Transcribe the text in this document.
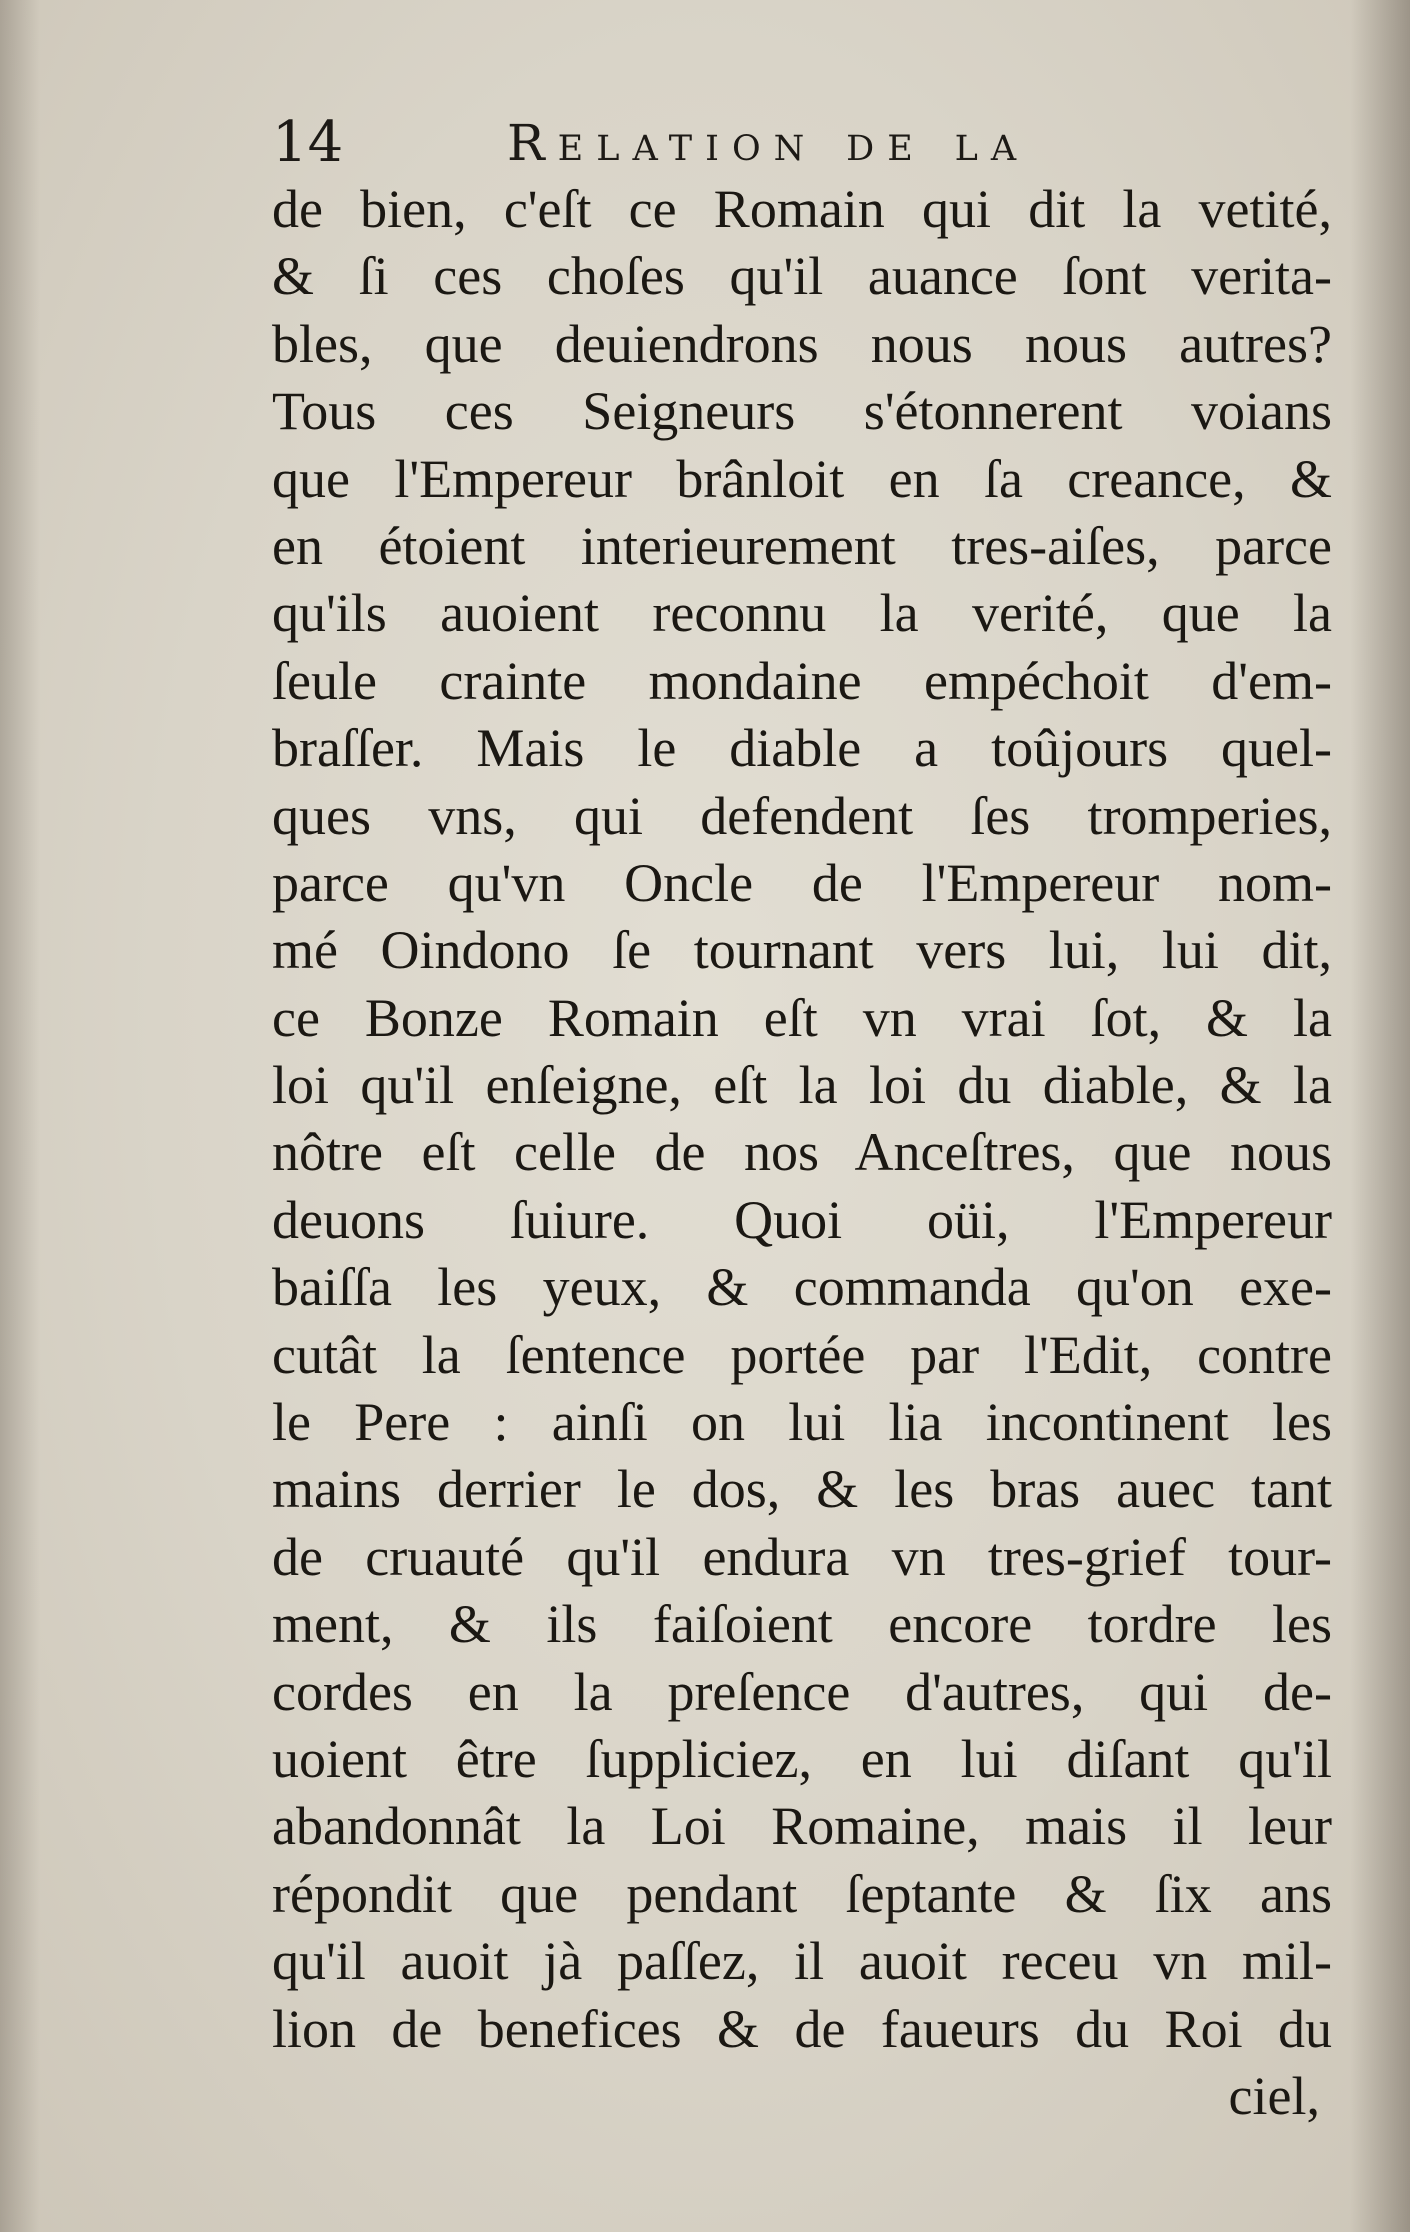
14	Relation de la
de bien, c'eſt ce Romain qui dit la vetité,
& ſi ces choſes qu'il auance ſont verita-
bles, que deuiendrons nous nous autres?
Tous ces Seigneurs s'étonnerent voians
que l'Empereur brânloit en ſa creance, &
en étoient interieurement tres-aiſes, parce
qu'ils auoient reconnu la verité, que la
ſeule crainte mondaine empéchoit d'em-
braſſer. Mais le diable a toûjours quel-
ques vns, qui defendent ſes tromperies,
parce qu'vn Oncle de l'Empereur nom-
mé Oindono ſe tournant vers lui, lui dit,
ce Bonze Romain eſt vn vrai ſot, & la
loi qu'il enſeigne, eſt la loi du diable, & la
nôtre eſt celle de nos Anceſtres, que nous
deuons ſuiure. Quoi oüi, l'Empereur
baiſſa les yeux, & commanda qu'on exe-
cutât la ſentence portée par l'Edit, contre
le Pere : ainſi on lui lia incontinent les
mains derrier le dos, & les bras auec tant
de cruauté qu'il endura vn tres-grief tour-
ment, & ils faiſoient encore tordre les
cordes en la preſence d'autres, qui de-
uoient être ſuppliciez, en lui diſant qu'il
abandonnât la Loi Romaine, mais il leur
répondit que pendant ſeptante & ſix ans
qu'il auoit jà paſſez, il auoit receu vn mil-
lion de benefices & de faueurs du Roi du
ciel,
